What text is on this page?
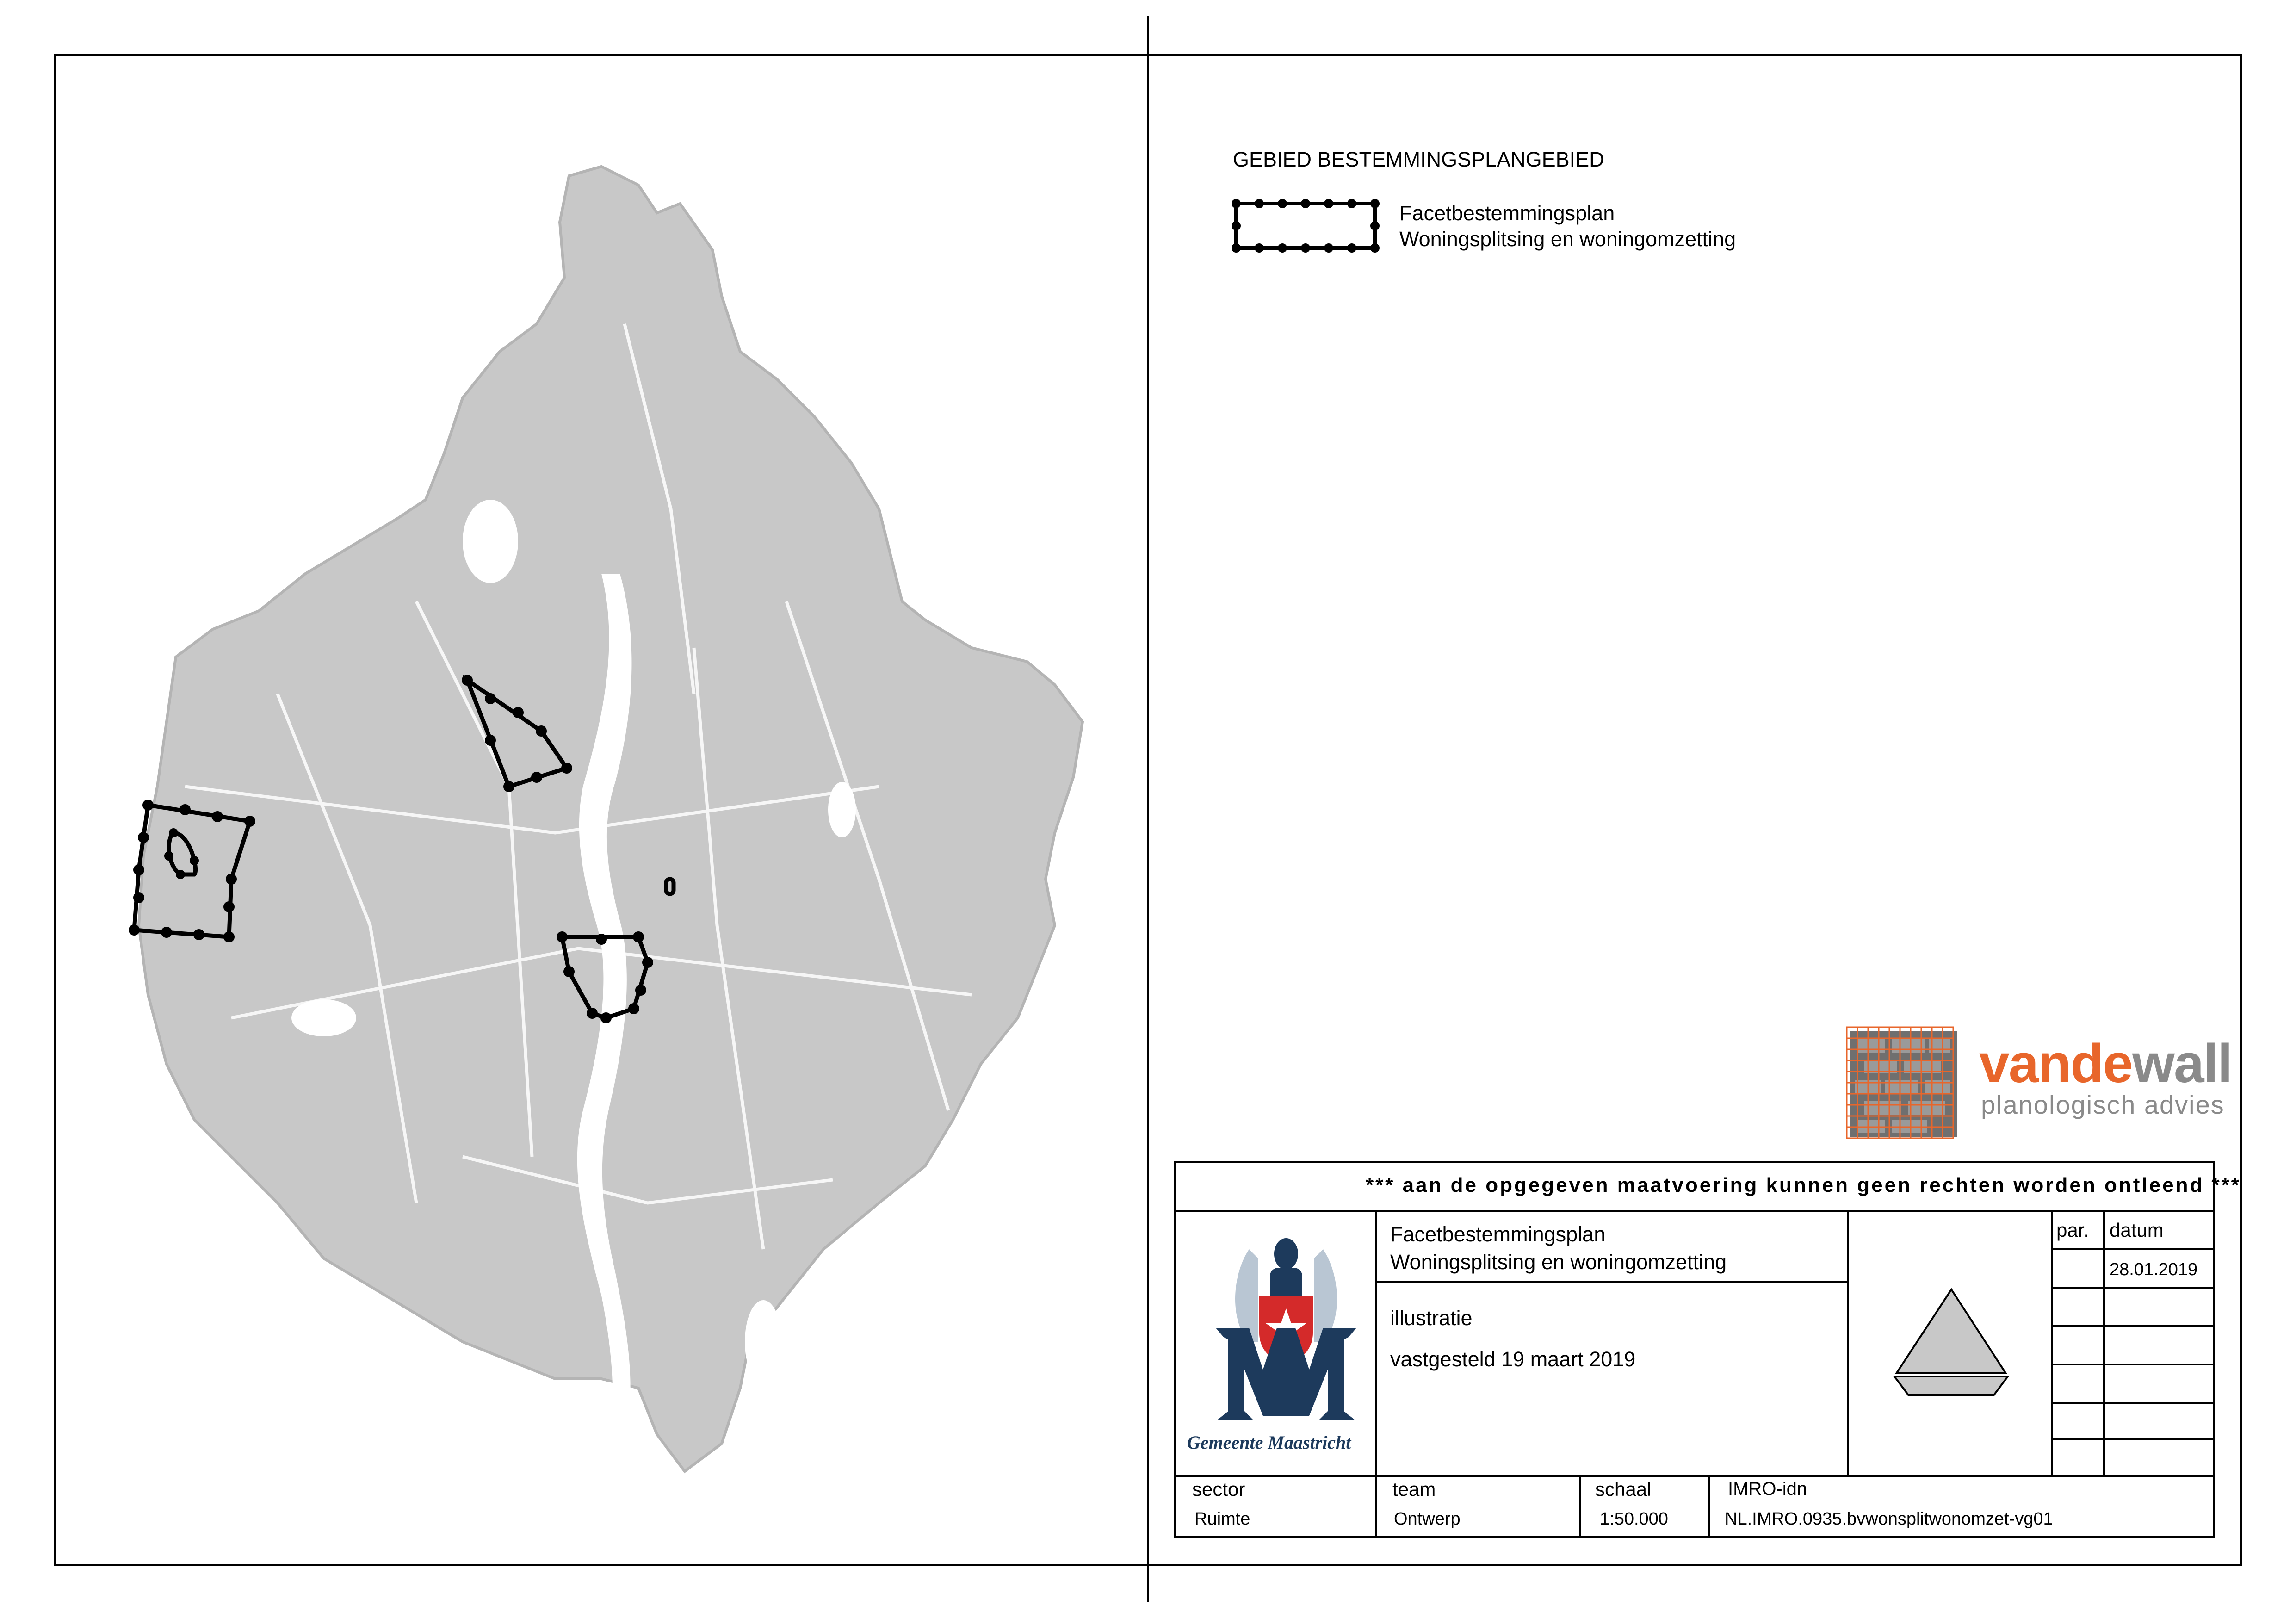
GEBIED BESTEMMINGSPLANGEBIED
Facetbestemmingsplan
Woningsplitsing en woningomzetting
vandewall
planologisch advies
*** aan de opgegeven maatvoering kunnen geen rechten worden ontleend ***
Facetbestemmingsplan
Woningsplitsing en woningomzetting
illustratie
vastgesteld 19 maart 2019
par. datum
28.01.2019
Gemeente Maastricht
sector
Ruimte
team
Ontwerp
schaal
1:50.000
IMRO-idn
NL.IMRO.0935.bvwonsplitwonomzet-vg01
